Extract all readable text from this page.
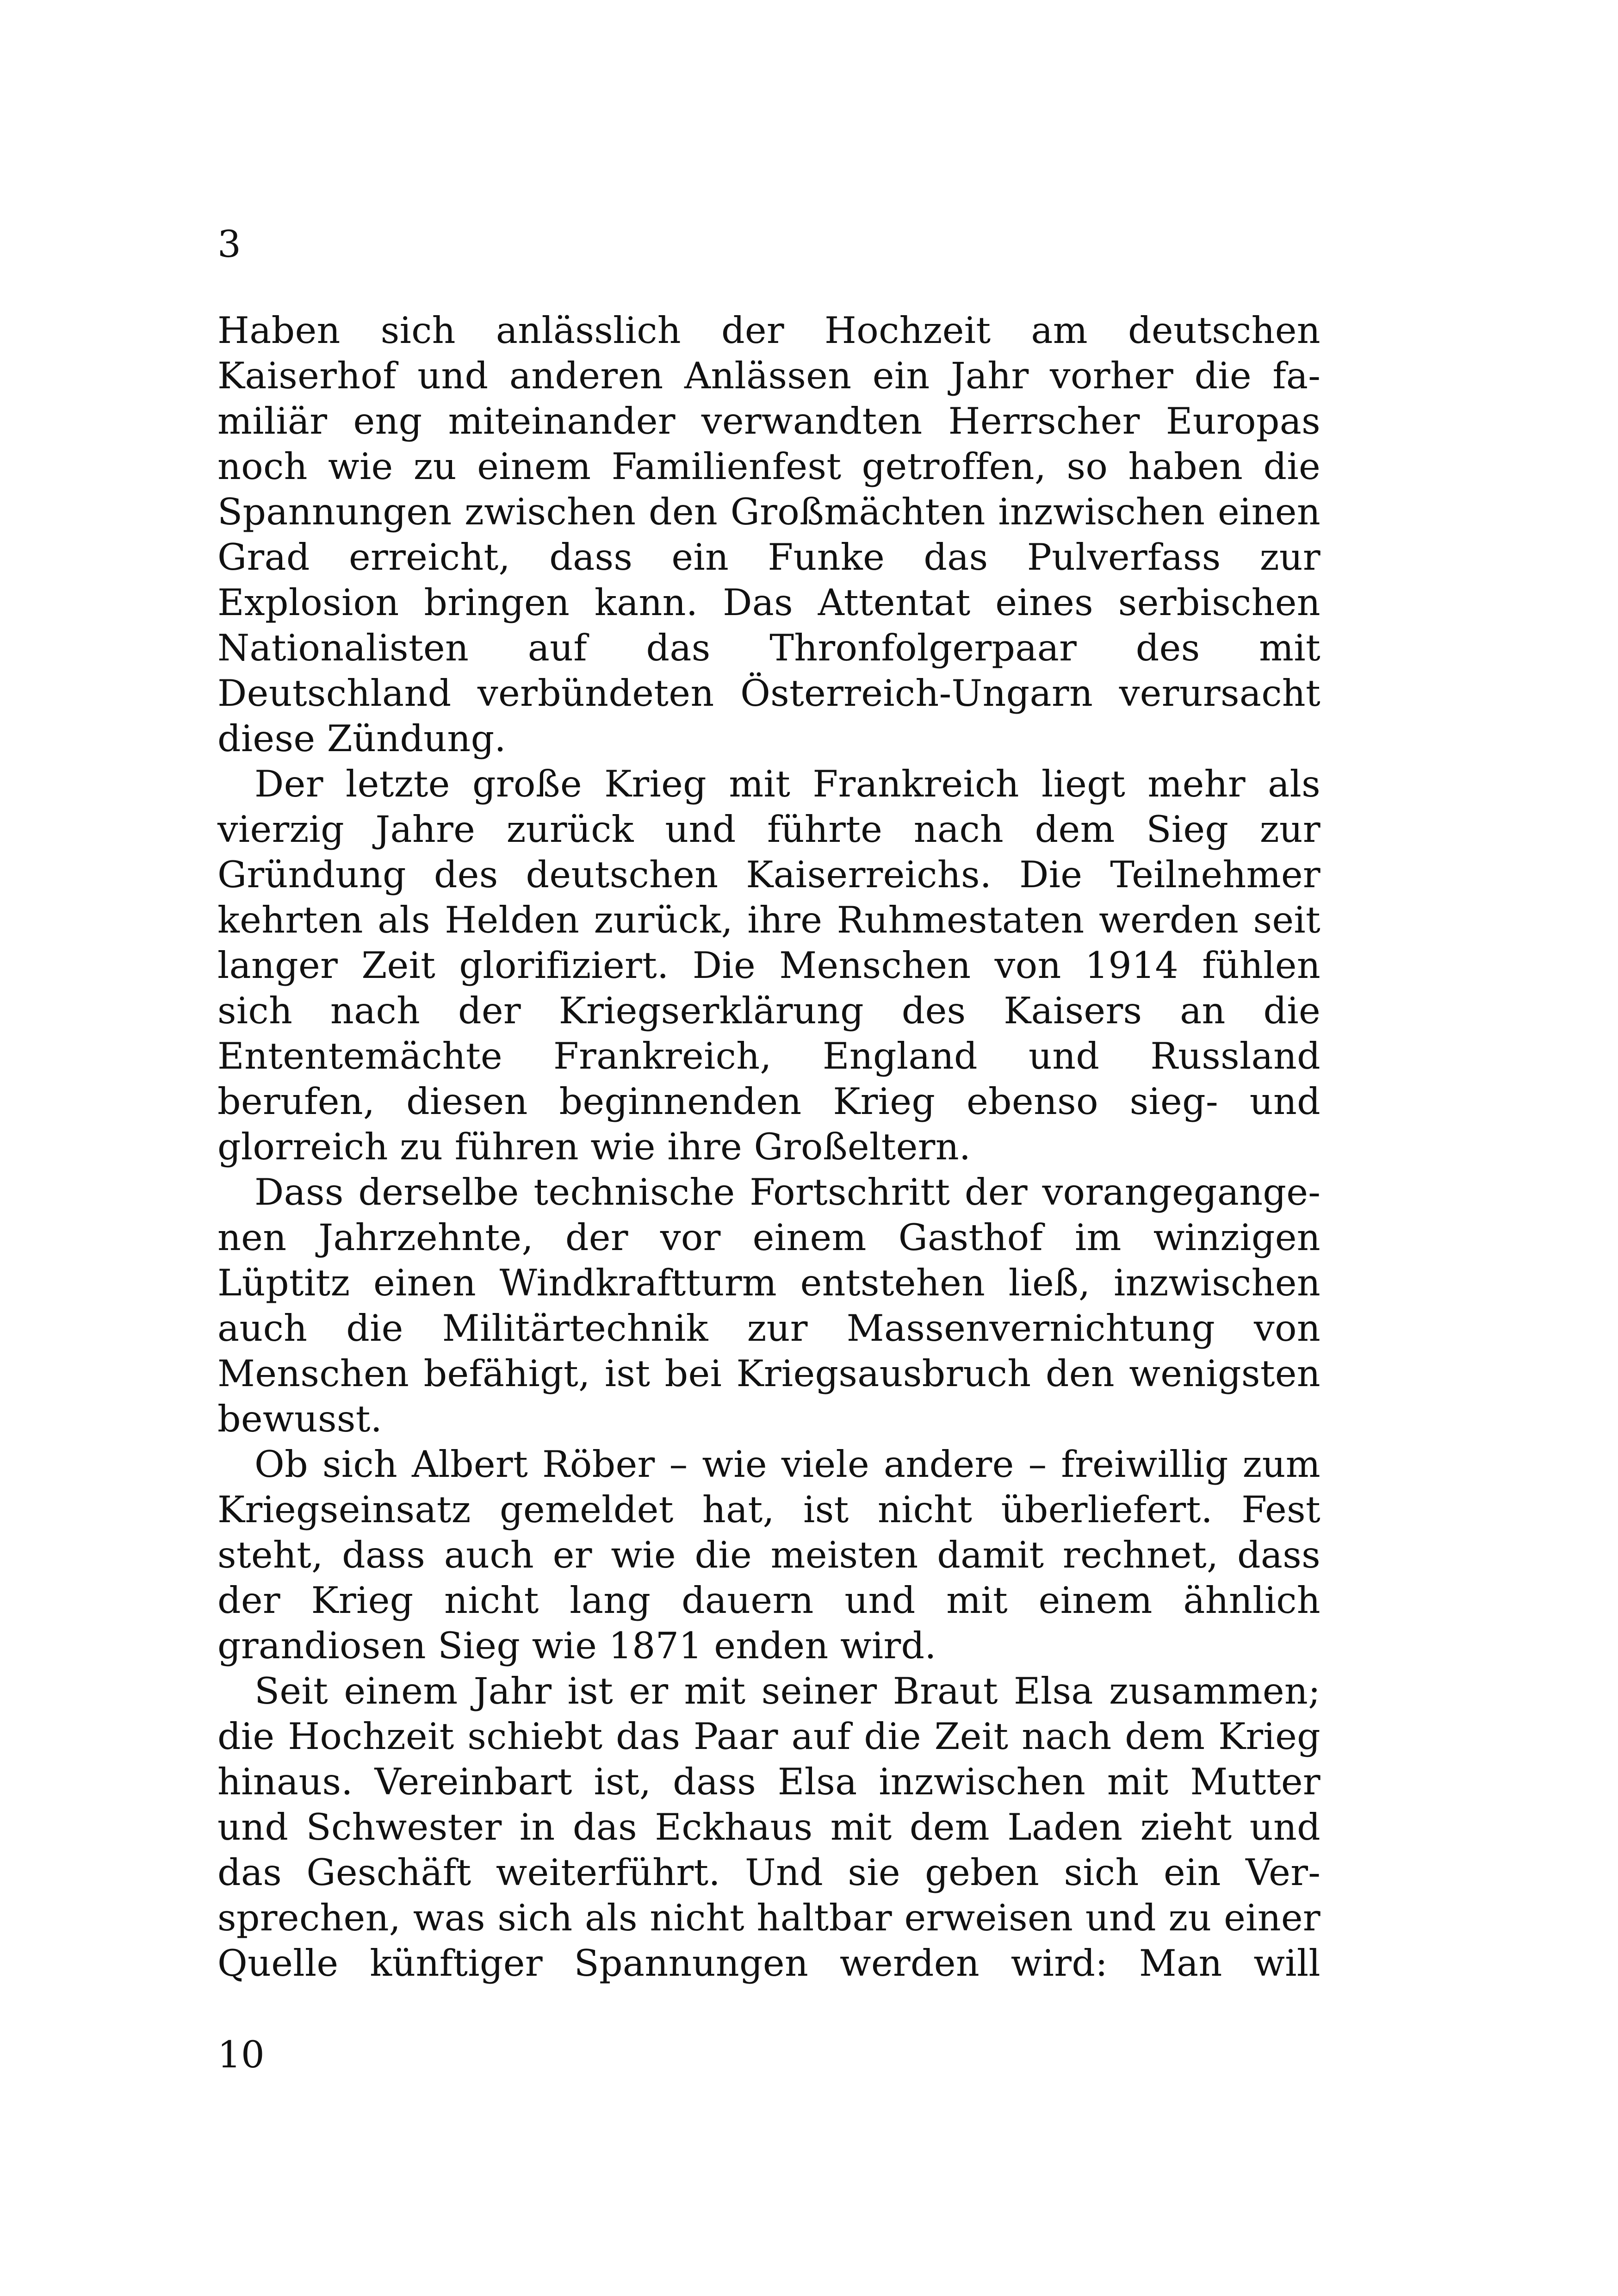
3

Haben sich anlässlich der Hochzeit am deutschen Kaiserhof und anderen Anlässen ein Jahr vorher die familiär eng miteinander verwandten Herrscher Europas noch wie zu einem Familienfest getroffen, so haben die Spannungen zwischen den Großmächten inzwischen einen Grad erreicht, dass ein Funke das Pulverfass zur Explosion bringen kann. Das Attentat eines serbischen Nationalisten auf das Thronfolgerpaar des mit Deutschland verbündeten Österreich-Ungarn verursacht diese Zündung.

Der letzte große Krieg mit Frankreich liegt mehr als vierzig Jahre zurück und führte nach dem Sieg zur Gründung des deutschen Kaiserreichs. Die Teilnehmer kehrten als Helden zurück, ihre Ruhmestaten werden seit langer Zeit glorifiziert. Die Menschen von 1914 fühlen sich nach der Kriegserklärung des Kaisers an die Ententemächte Frankreich, England und Russland berufen, diesen beginnenden Krieg ebenso sieg- und glorreich zu führen wie ihre Großeltern.

Dass derselbe technische Fortschritt der vorangegangenen Jahrzehnte, der vor einem Gasthof im winzigen Lüptitz einen Windkraftturm entstehen ließ, inzwischen auch die Militärtechnik zur Massenvernichtung von Menschen befähigt, ist bei Kriegsausbruch den wenigsten bewusst.

Ob sich Albert Röber – wie viele andere – freiwillig zum Kriegseinsatz gemeldet hat, ist nicht überliefert. Fest steht, dass auch er wie die meisten damit rechnet, dass der Krieg nicht lang dauern und mit einem ähnlich grandiosen Sieg wie 1871 enden wird.

Seit einem Jahr ist er mit seiner Braut Elsa zusammen; die Hochzeit schiebt das Paar auf die Zeit nach dem Krieg hinaus. Vereinbart ist, dass Elsa inzwischen mit Mutter und Schwester in das Eckhaus mit dem Laden zieht und das Geschäft weiterführt. Und sie geben sich ein Versprechen, was sich als nicht haltbar erweisen und zu einer Quelle künftiger Spannungen werden wird: Man will

10
